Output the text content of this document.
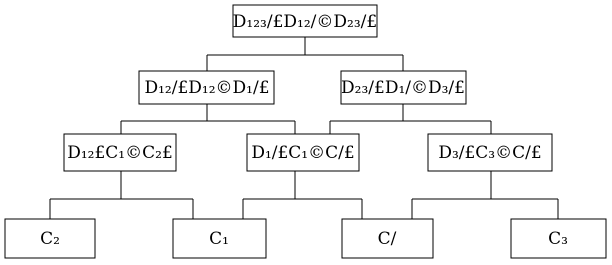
D₁₂₃/£D₁₂/©D₂₃/£
D₁₂/£D₁₂©D₁/£	D₂₃/£D₁/©D₃/£
D₁₂£C₁©C₂£	D₁/£C₁©C/£	D₃/£C₃©C/£
C₂	C₁	C/	C₃
